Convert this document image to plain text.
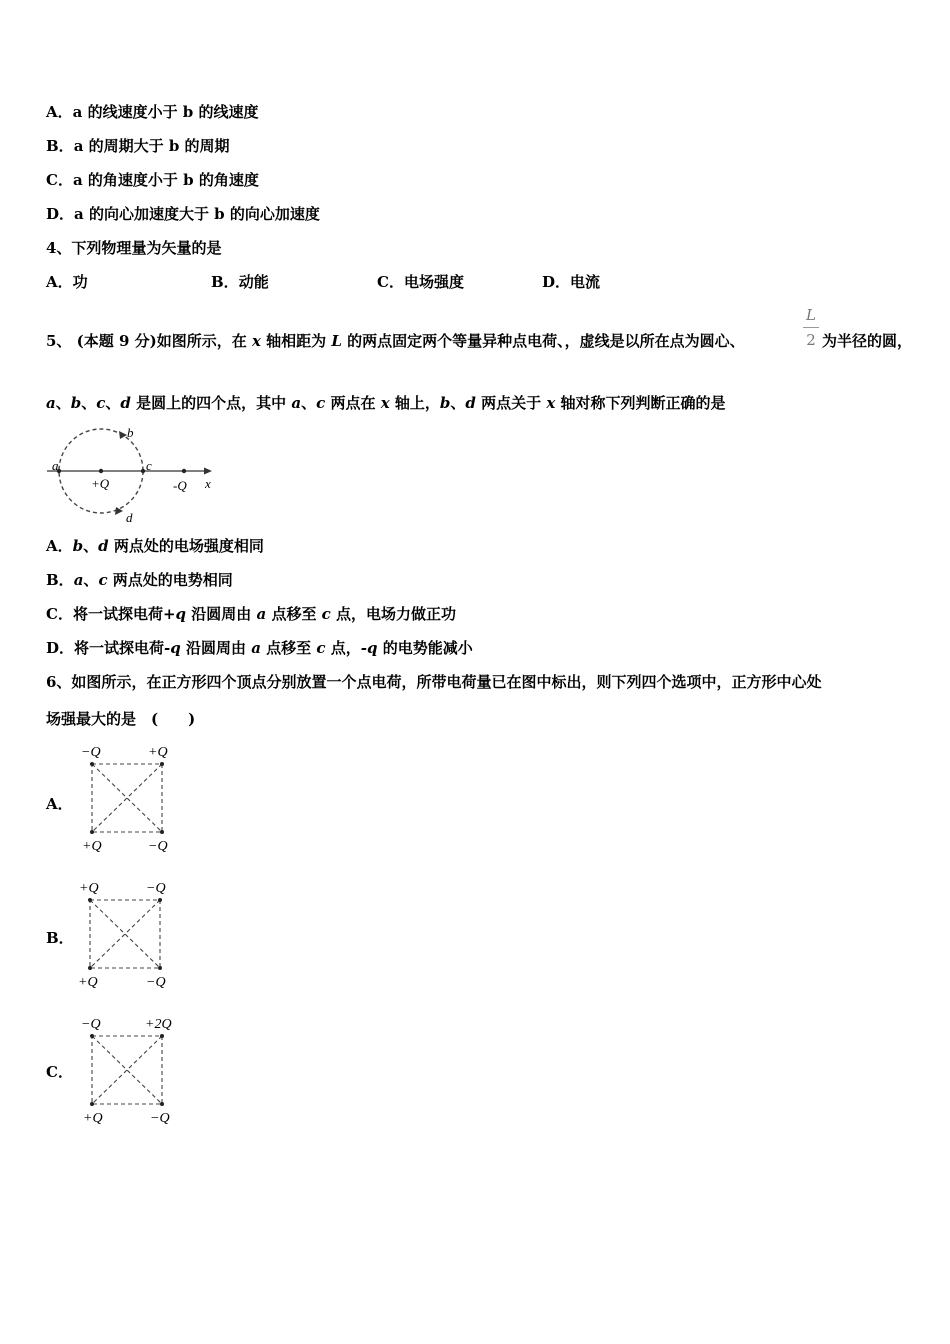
A．a 的线速度小于 b 的线速度
B．a 的周期大于 b 的周期
C．a 的角速度小于 b 的角速度
D．a 的向心加速度大于 b 的向心加速度
4、下列物理量为矢量的是
A．功	B．动能	C．电场强度	D．电流
5、 (本题 9 分)如图所示，在 x 轴相距为 L 的两点固定两个等量异种点电荷、，虚线是以所在点为圆心、
L
2 为半径的圆，
a、b、c、d 是圆上的四个点，其中 a、c 两点在 x 轴上，b、d 两点关于 x 轴对称下列判断正确的是
a
b
c
d
+Q	-Q x
A．b、d 两点处的电场强度相同
B．a、c 两点处的电势相同
C．将一试探电荷+q 沿圆周由 a 点移至 c 点，电场力做正功
D．将一试探电荷-q 沿圆周由 a 点移至 c 点，-q 的电势能减小
6、如图所示，在正方形四个顶点分别放置一个点电荷，所带电荷量已在图中标出，则下列四个选项中，正方形中心处
场强最大的是　(　　)
A．
−Q	+Q
+Q	−Q
B．
+Q	−Q
+Q	−Q
C．
−Q	+2Q
+Q	−Q
